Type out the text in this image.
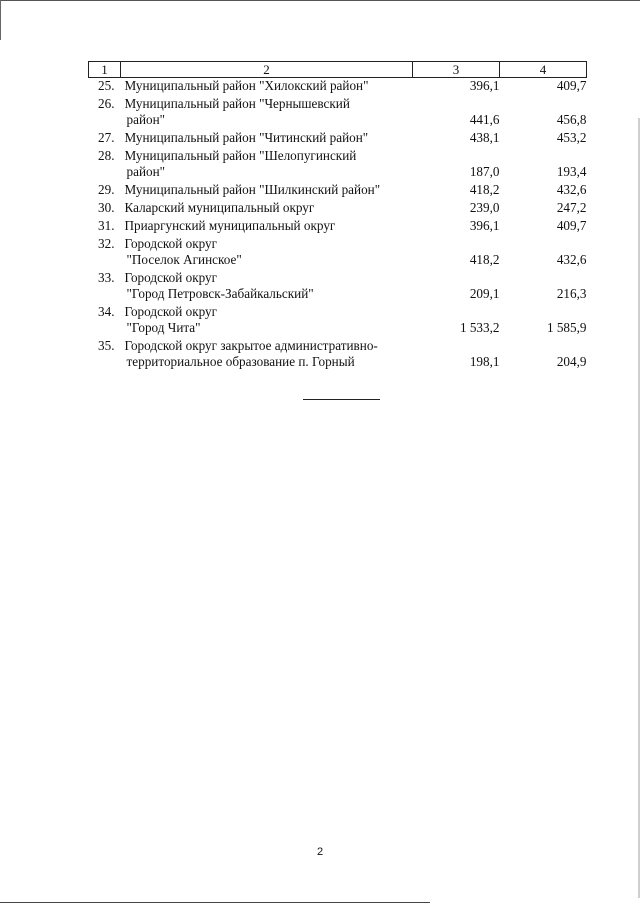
1	2	3	4
25.	Муниципальный район "Хилокский район"	396,1	409,7
26.	Муниципальный район "Чернышевский
район"	441,6	456,8
27.	Муниципальный район "Читинский район"	438,1	453,2
28.	Муниципальный район "Шелопугинский
район"	187,0	193,4
29.	Муниципальный район "Шилкинский район"	418,2	432,6
30.	Каларский муниципальный округ	239,0	247,2
31.	Приаргунский муниципальный округ	396,1	409,7
32.	Городской округ
"Поселок Агинское"	418,2	432,6
33.	Городской округ
"Город Петровск-Забайкальский"	209,1	216,3
34.	Городской округ
"Город Чита"	1 533,2	1 585,9
35.	Городской округ закрытое административно-
территориальное образование п. Горный	198,1	204,9
2
